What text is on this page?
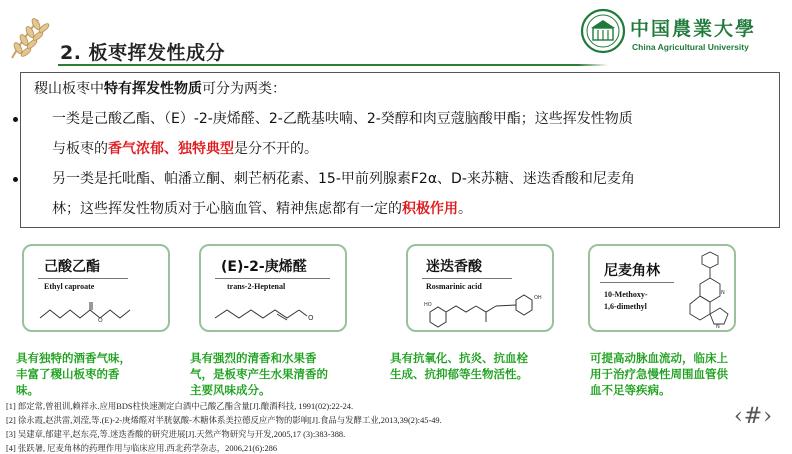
2. 板枣挥发性成分
中国農業大學
China Agricultural University
稷山板枣中特有挥发性物质可分为两类：
一类是己酸乙酯、（E）-2-庚烯醛、2-乙酰基呋喃、2-癸醇和肉豆蔻脑酸甲酯；这些挥发性物质
与板枣的香气浓郁、独特典型是分不开的。
另一类是托吡酯、帕潘立酮、刺芒柄花素、15-甲前列腺素F2α、D-来苏糖、迷迭香酸和尼麦角
林；这些挥发性物质对于心脑血管、精神焦虑都有一定的积极作用。
己酸乙酯
Ethyl caproate
O
(E)-2-庚烯醛
trans-2-Heptenal
O
迷迭香酸
Rosmarinic acid
HO
OH
尼麦角林
10-Methoxy-
1,6-dimethyl
N
N
具有独特的酒香气味，
丰富了稷山板枣的香
味。
具有强烈的清香和水果香
气，是板枣产生水果清香的
主要风味成分。
具有抗氧化、抗炎、抗血栓
生成、抗抑郁等生物活性。
可提高动脉血流动，临床上
用于治疗急慢性周围血管供
血不足等疾病。
[1] 郎定常,曾祖训,赖祥永.应用BDS柱快速测定白酒中己酸乙酯含量[J].酿酒科技, 1991(02):22-24.
[2] 徐永霞,赵洪雷,刘滢,等.(E)-2-庚烯醛对半胱氨酸-木糖体系美拉德反应产物的影响[J].食品与发酵工业,2013,39(2):45-49.
[3] 吴建章,郁建平,赵东亮,等.迷迭香酸的研究进展[J].天然产物研究与开发,2005,17 (3):383-388.
[4] 张跃暑, 尼麦角林的药理作用与临床应用.西北药学杂志，2006,21(6):286
‹#›
